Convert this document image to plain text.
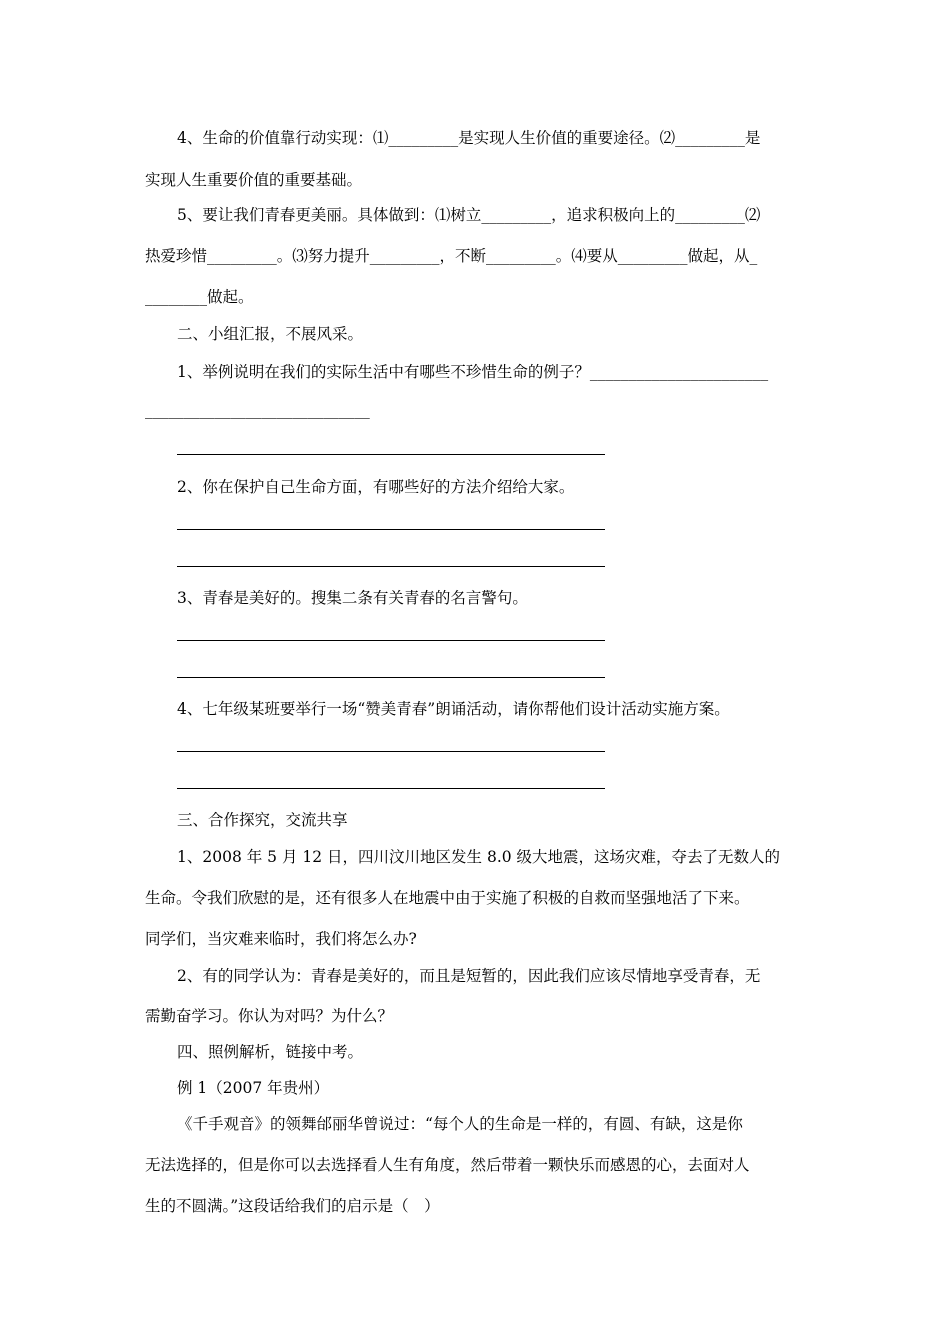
4、生命的价值靠行动实现：⑴_________是实现人生价值的重要途径。⑵_________是
实现人生重要价值的重要基础。
5、要让我们青春更美丽。具体做到：⑴树立_________，追求积极向上的_________⑵
热爱珍惜_________。⑶努力提升_________，不断_________。⑷要从_________做起，从_
________做起。
二、小组汇报，不展风采。
1、举例说明在我们的实际生活中有哪些不珍惜生命的例子？_______________________
_____________________________
2、你在保护自己生命方面，有哪些好的方法介绍给大家。
3、青春是美好的。搜集二条有关青春的名言警句。
4、七年级某班要举行一场“赞美青春”朗诵活动，请你帮他们设计活动实施方案。
三、合作探究，交流共享
1、2008 年 5 月 12 日，四川汶川地区发生 8.0 级大地震，这场灾难，夺去了无数人的
生命。令我们欣慰的是，还有很多人在地震中由于实施了积极的自救而坚强地活了下来。
同学们，当灾难来临时，我们将怎么办?
2、有的同学认为：青春是美好的，而且是短暂的，因此我们应该尽情地享受青春，无
需勤奋学习。你认为对吗？为什么？
四、照例解析，链接中考。
例 1（2007 年贵州）
《千手观音》的领舞邰丽华曾说过：“每个人的生命是一样的，有圆、有缺，这是你
无法选择的，但是你可以去选择看人生有角度，然后带着一颗快乐而感恩的心，去面对人
生的不圆满。”这段话给我们的启示是（　）
